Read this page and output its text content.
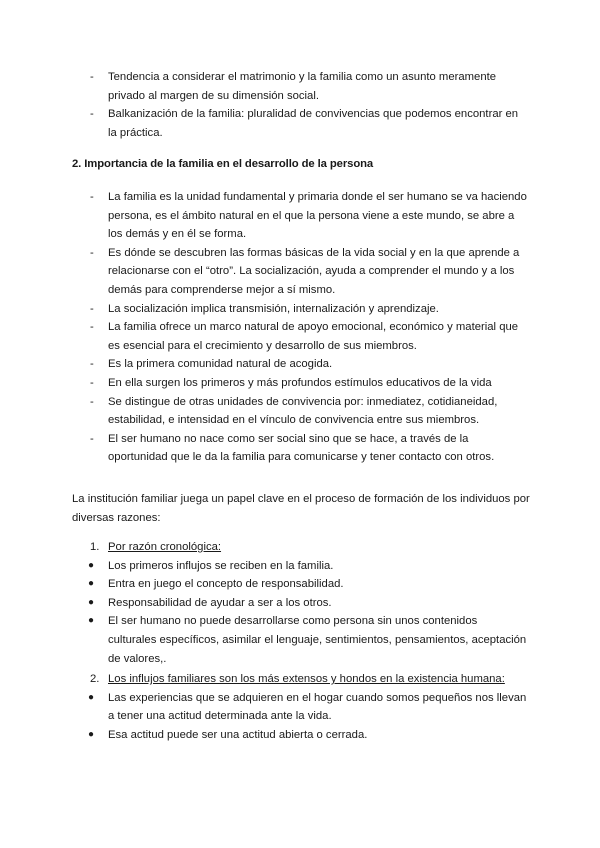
- Tendencia a considerar el matrimonio y la familia como un asunto meramente privado al margen de su dimensión social.
- Balkanización de la familia: pluralidad de convivencias que podemos encontrar en la práctica.
2. Importancia de la familia en el desarrollo de la persona
- La familia es la unidad fundamental y primaria donde el ser humano se va haciendo persona, es el ámbito natural en el que la persona viene a este mundo, se abre a los demás y en él se forma.
- Es dónde se descubren las formas básicas de la vida social y en la que aprende a relacionarse con el “otro”. La socialización, ayuda a comprender el mundo y a los demás para comprenderse mejor a sí mismo.
- La socialización implica transmisión, internalización y aprendizaje.
- La familia ofrece un marco natural de apoyo emocional, económico y material que es esencial para el crecimiento y desarrollo de sus miembros.
- Es la primera comunidad natural de acogida.
- En ella surgen los primeros y más profundos estímulos educativos de la vida
- Se distingue de otras unidades de convivencia por: inmediatez, cotidianeidad, estabilidad, e intensidad en el vínculo de convivencia entre sus miembros.
- El ser humano no nace como ser social sino que se hace, a través de la oportunidad que le da la familia para comunicarse y tener contacto con otros.
La institución familiar juega un papel clave en el proceso de formación de los individuos por diversas razones:
1. Por razón cronológica:
● Los primeros influjos se reciben en la familia.
● Entra en juego el concepto de responsabilidad.
● Responsabilidad de ayudar a ser a los otros.
● El ser humano no puede desarrollarse como persona sin unos contenidos culturales específicos, asimilar el lenguaje, sentimientos, pensamientos, aceptación de valores,.
2. Los influjos familiares son los más extensos y hondos en la existencia humana:
● Las experiencias que se adquieren en el hogar cuando somos pequeños nos llevan a tener una actitud determinada ante la vida.
● Esa actitud puede ser una actitud abierta o cerrada.
